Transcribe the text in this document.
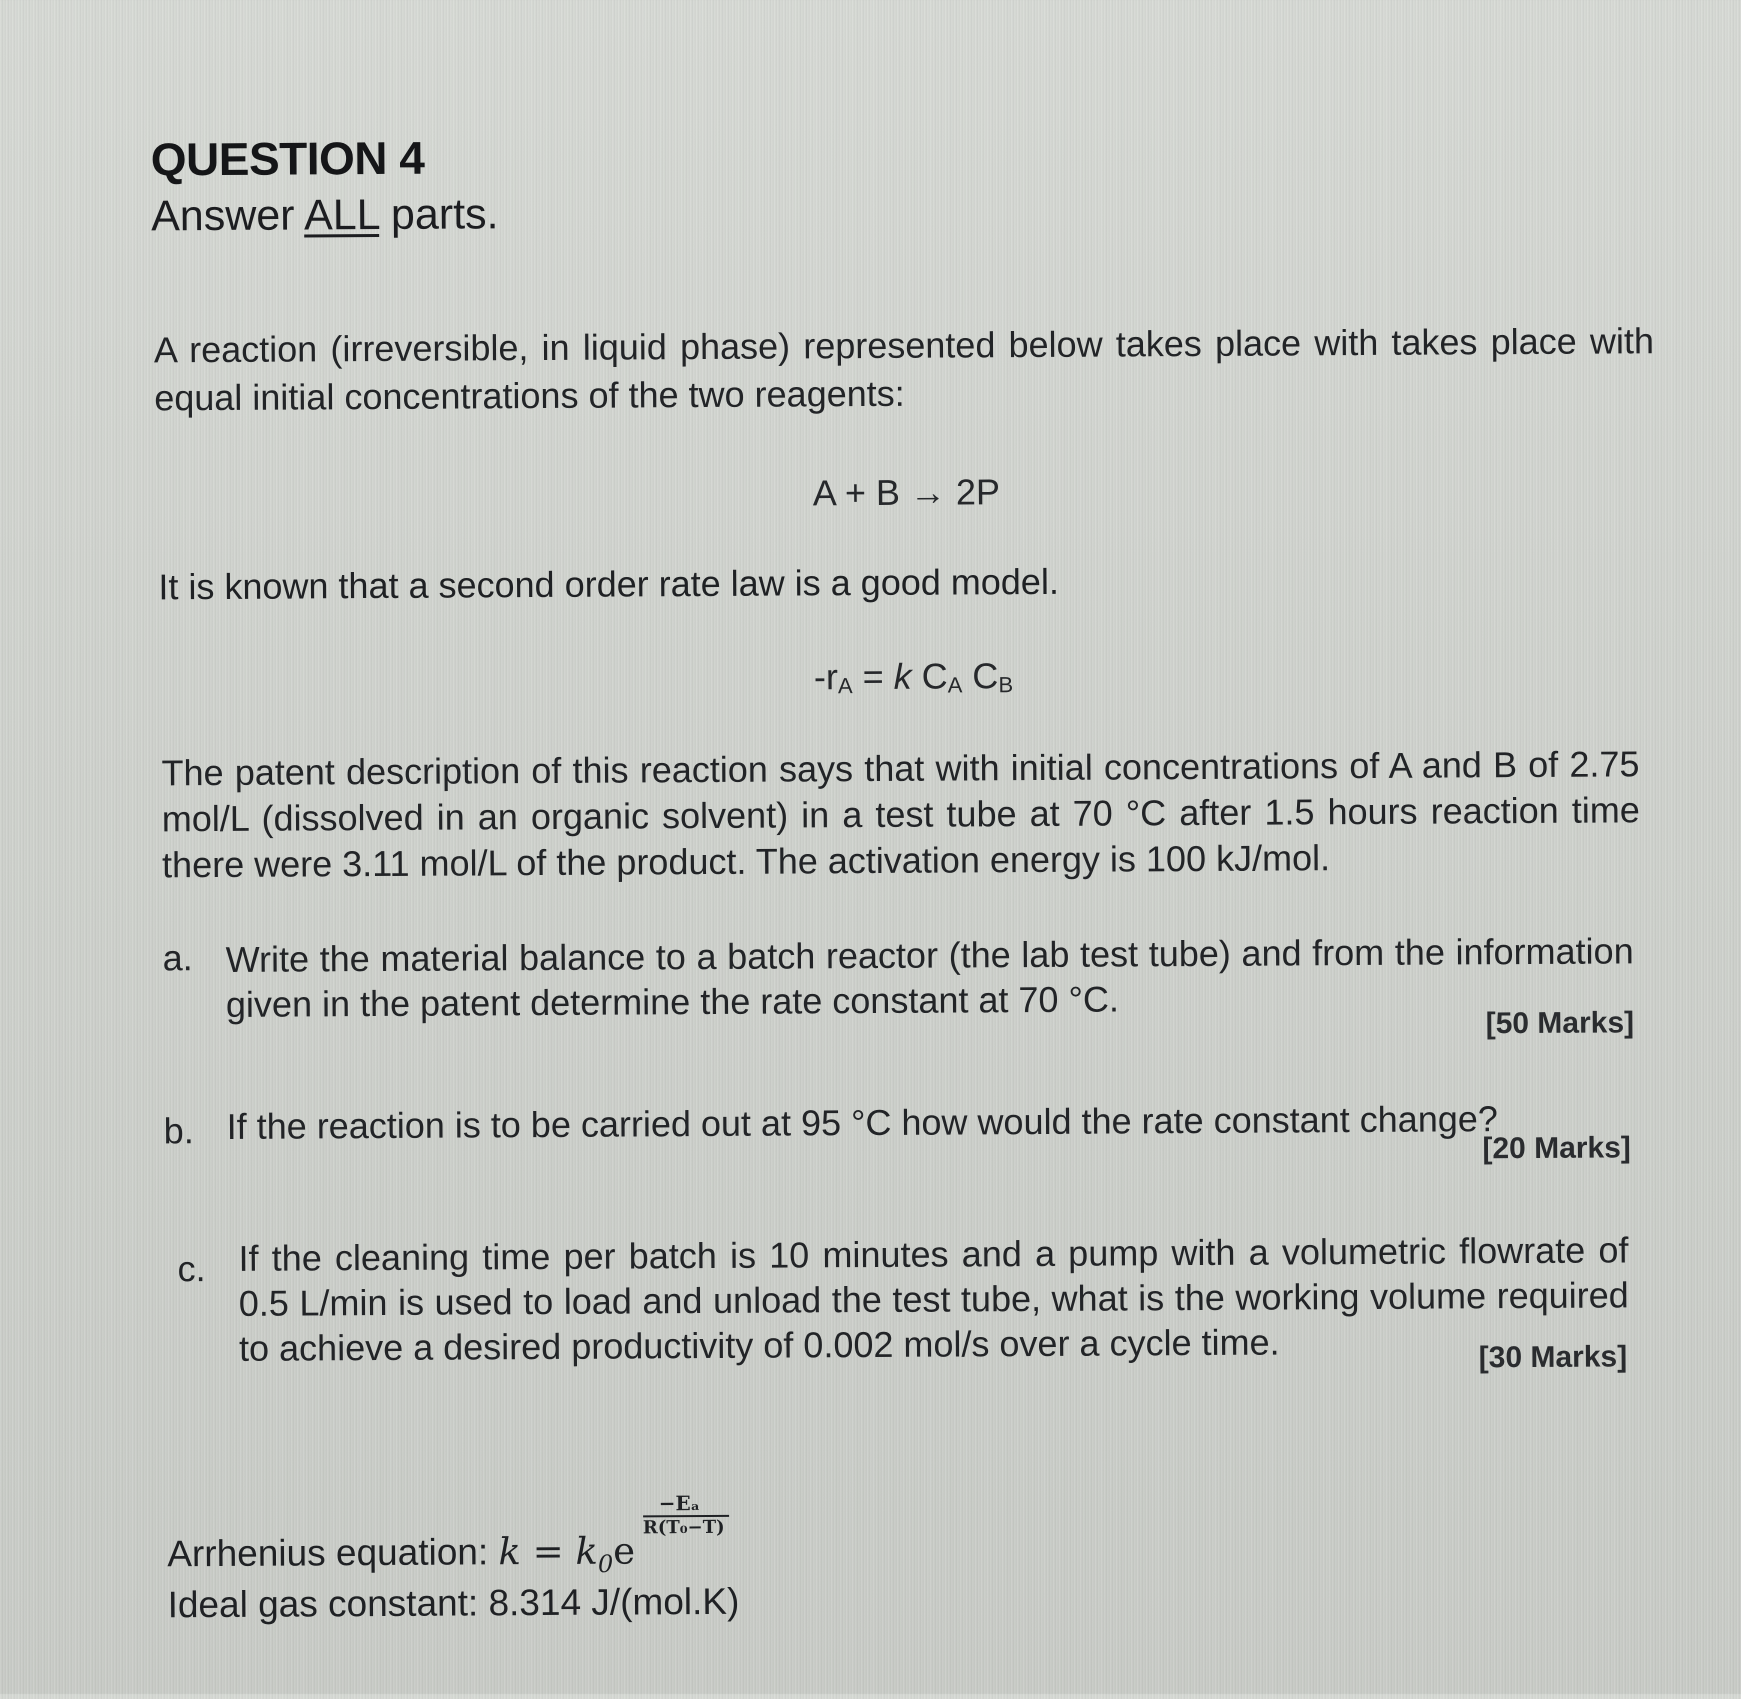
QUESTION 4
Answer ALL parts.
A reaction (irreversible, in liquid phase) represented below takes place with takes place with equal initial concentrations of the two reagents:
A + B → 2P
It is known that a second order rate law is a good model.
$-r_A = k$ $C_A$ $C_B$
The patent description of this reaction says that with initial concentrations of A and B of 2.75 mol/L (dissolved in an organic solvent) in a test tube at 70 °C after 1.5 hours reaction time there were 3.11 mol/L of the product. The activation energy is 100 kJ/mol.
a. Write the material balance to a batch reactor (the lab test tube) and from the information given in the patent determine the rate constant at 70 °C.	[50 Marks]
b. If the reaction is to be carried out at 95 °C how would the rate constant change?
[20 Marks]
c. If the cleaning time per batch is 10 minutes and a pump with a volumetric flowrate of 0.5 L/min is used to load and unload the test tube, what is the working volume required to achieve a desired productivity of 0.002 mol/s over a cycle time.	[30 Marks]
Arrhenius equation: $k = k_0e \frac{\text{−Eₐ}}{\text{R(T₀−T)}}$
Ideal gas constant: 8.314 J/(mol.K)
